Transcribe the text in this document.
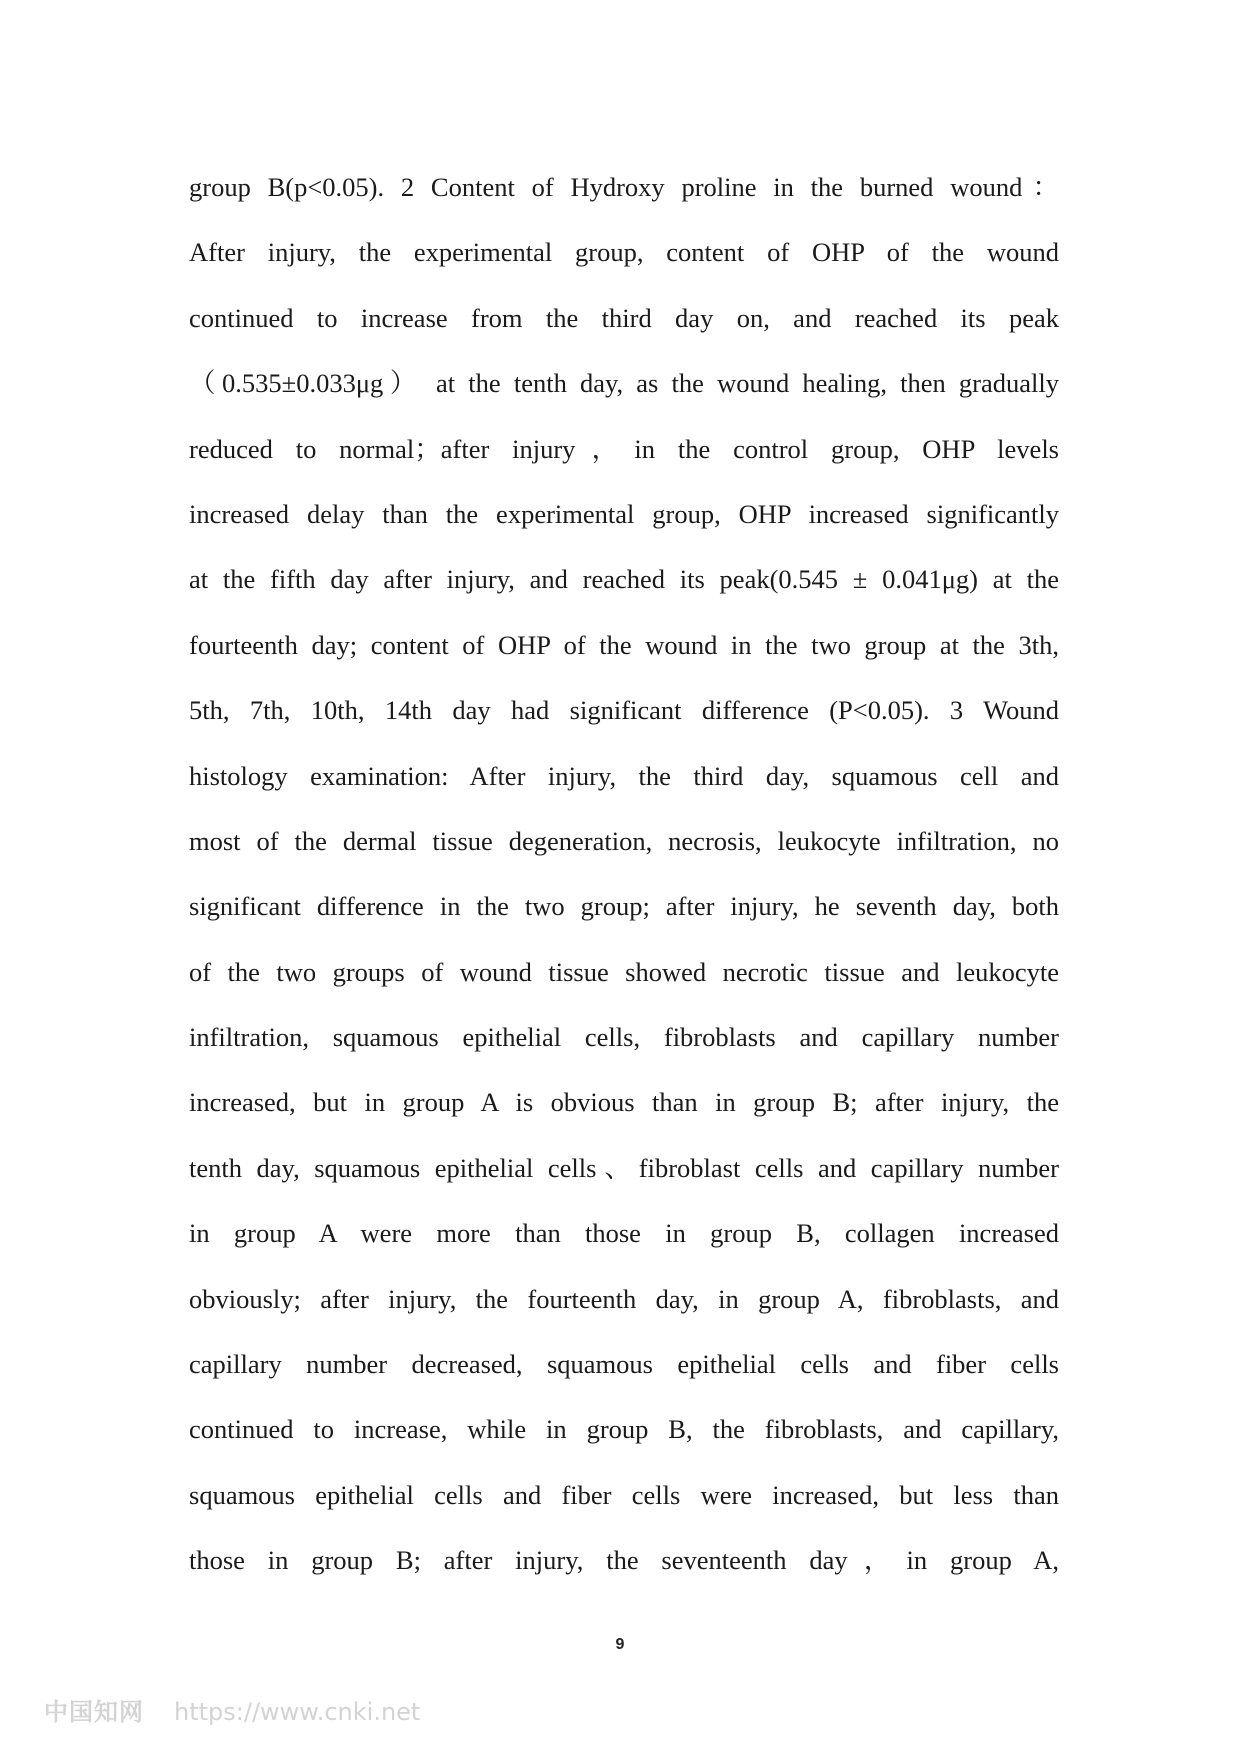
group B(p<0.05). 2 Content of Hydroxy proline in the burned wound：
After injury, the experimental group, content of OHP of the wound
continued to increase from the third day on, and reached its peak
（0.535±0.033μg） at the tenth day, as the wound healing, then gradually
reduced to normal；after injury，in the control group, OHP levels
increased delay than the experimental group, OHP increased significantly
at the fifth day after injury, and reached its peak(0.545 ± 0.041μg) at the
fourteenth day; content of OHP of the wound in the two group at the 3th,
5th, 7th, 10th, 14th day had significant difference (P<0.05). 3 Wound
histology examination: After injury, the third day, squamous cell and
most of the dermal tissue degeneration, necrosis, leukocyte infiltration, no
significant difference in the two group; after injury, he seventh day, both
of the two groups of wound tissue showed necrotic tissue and leukocyte
infiltration, squamous epithelial cells, fibroblasts and capillary number
increased, but in group A is obvious than in group B; after injury, the
tenth day, squamous epithelial cells、fibroblast cells and capillary number
in group A were more than those in group B, collagen increased
obviously; after injury, the fourteenth day, in group A, fibroblasts, and
capillary number decreased, squamous epithelial cells and fiber cells
continued to increase, while in group B, the fibroblasts, and capillary,
squamous epithelial cells and fiber cells were increased, but less than
those in group B; after injury, the seventeenth day，in group A,
9
中国知网 https://www.cnki.net
